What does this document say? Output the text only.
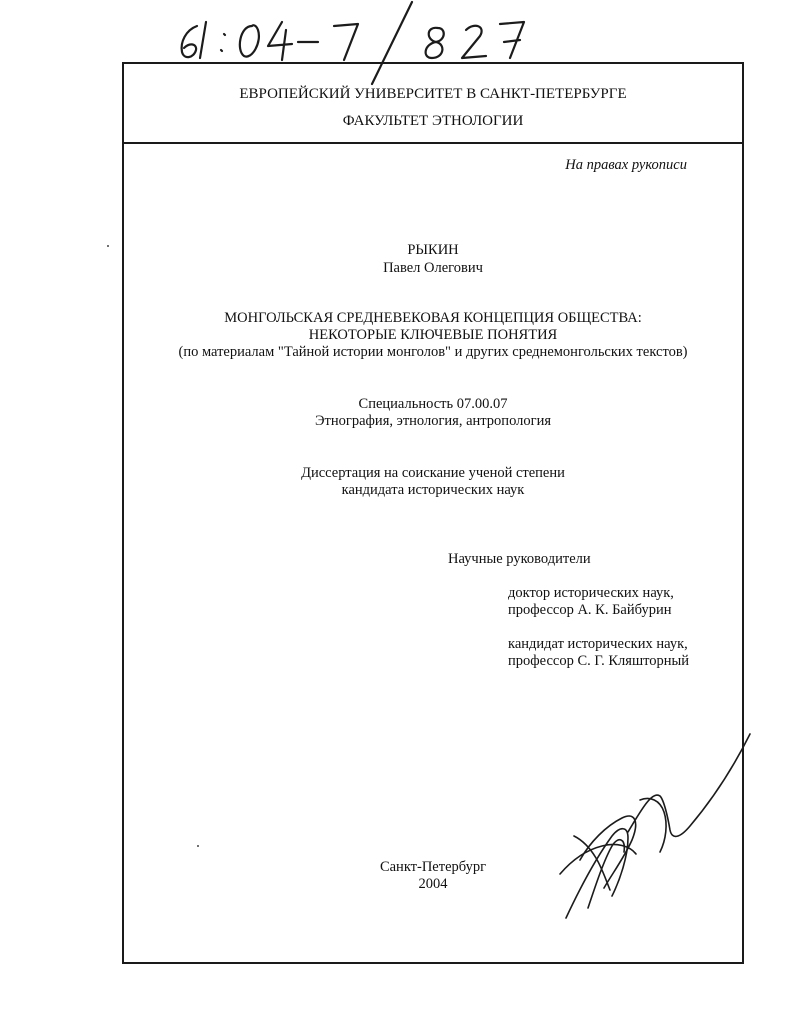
ЕВРОПЕЙСКИЙ УНИВЕРСИТЕТ В САНКТ-ПЕТЕРБУРГЕ
ФАКУЛЬТЕТ ЭТНОЛОГИИ
На правах рукописи
РЫКИН
Павел Олегович
МОНГОЛЬСКАЯ СРЕДНЕВЕКОВАЯ КОНЦЕПЦИЯ ОБЩЕСТВА:
НЕКОТОРЫЕ КЛЮЧЕВЫЕ ПОНЯТИЯ
(по материалам "Тайной истории монголов" и других среднемонгольских текстов)
Специальность 07.00.07
Этнография, этнология, антропология
Диссертация на соискание ученой степени
кандидата исторических наук
Научные руководители
доктор исторических наук,
профессор А. К. Байбурин
кандидат исторических наук,
профессор С. Г. Кляшторный
Санкт-Петербург
2004
